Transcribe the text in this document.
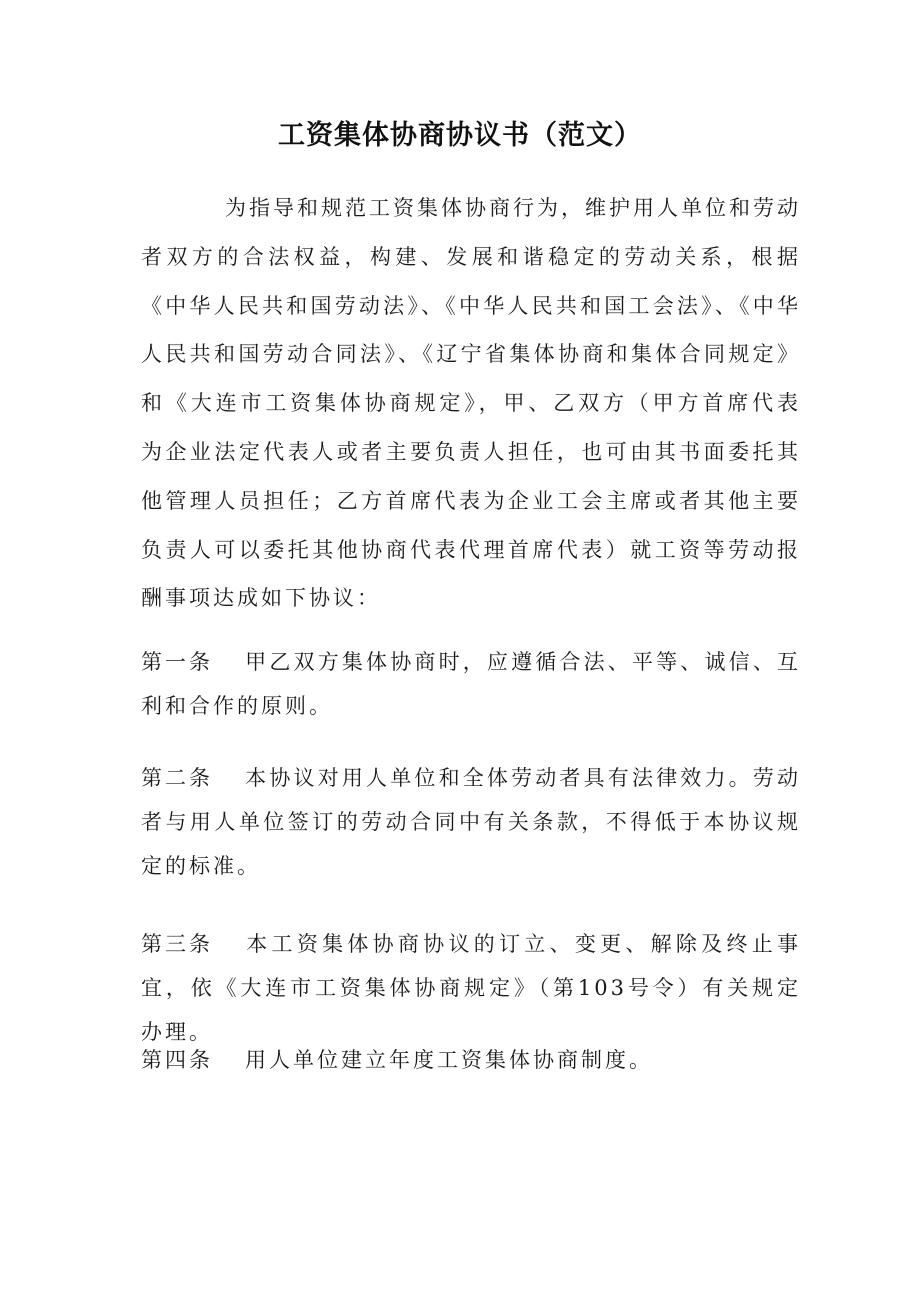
工资集体协商协议书（范文）

为指导和规范工资集体协商行为，维护用人单位和劳动者双方的合法权益，构建、发展和谐稳定的劳动关系，根据《中华人民共和国劳动法》、《中华人民共和国工会法》、《中华人民共和国劳动合同法》、《辽宁省集体协商和集体合同规定》和《大连市工资集体协商规定》，甲、乙双方（甲方首席代表为企业法定代表人或者主要负责人担任，也可由其书面委托其他管理人员担任；乙方首席代表为企业工会主席或者其他主要负责人可以委托其他协商代表代理首席代表）就工资等劳动报酬事项达成如下协议：

第一条 甲乙双方集体协商时，应遵循合法、平等、诚信、互利和合作的原则。

第二条 本协议对用人单位和全体劳动者具有法律效力。劳动者与用人单位签订的劳动合同中有关条款，不得低于本协议规定的标准。

第三条 本工资集体协商协议的订立、变更、解除及终止事宜，依《大连市工资集体协商规定》（第103号令）有关规定办理。

第四条 用人单位建立年度工资集体协商制度。
